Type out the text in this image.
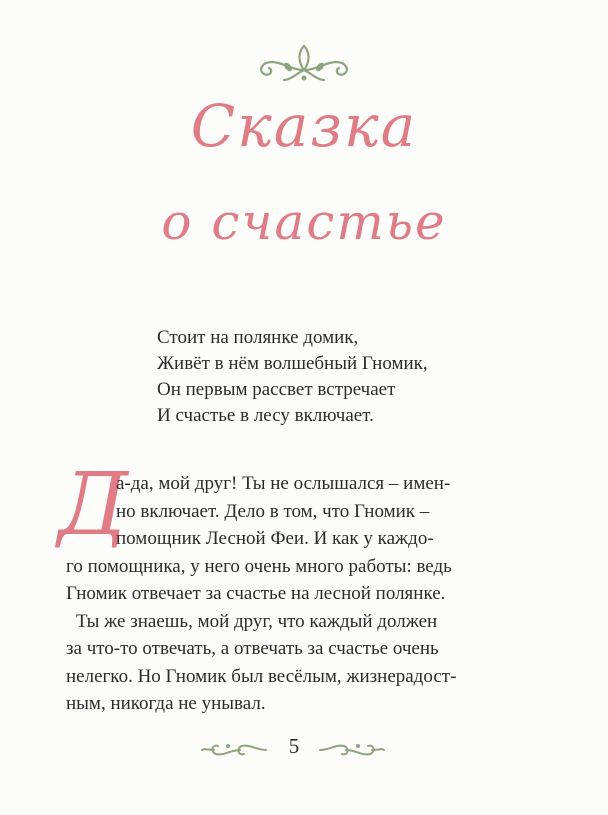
Сказка
о счастье
Стоит на полянке домик,
Живёт в нём волшебный Гномик,
Он первым рассвет встречает
И счастье в лесу включает.
Д
а-да, мой друг! Ты не ослышался – имен-
но включает. Дело в том, что Гномик –
помощник Лесной Феи. И как у каждо-
го помощника, у него очень много работы: ведь
Гномик отвечает за счастье на лесной полянке.
Ты же знаешь, мой друг, что каждый должен
за что-то отвечать, а отвечать за счастье очень
нелегко. Но Гномик был весёлым, жизнерадост-
ным, никогда не унывал.
5
